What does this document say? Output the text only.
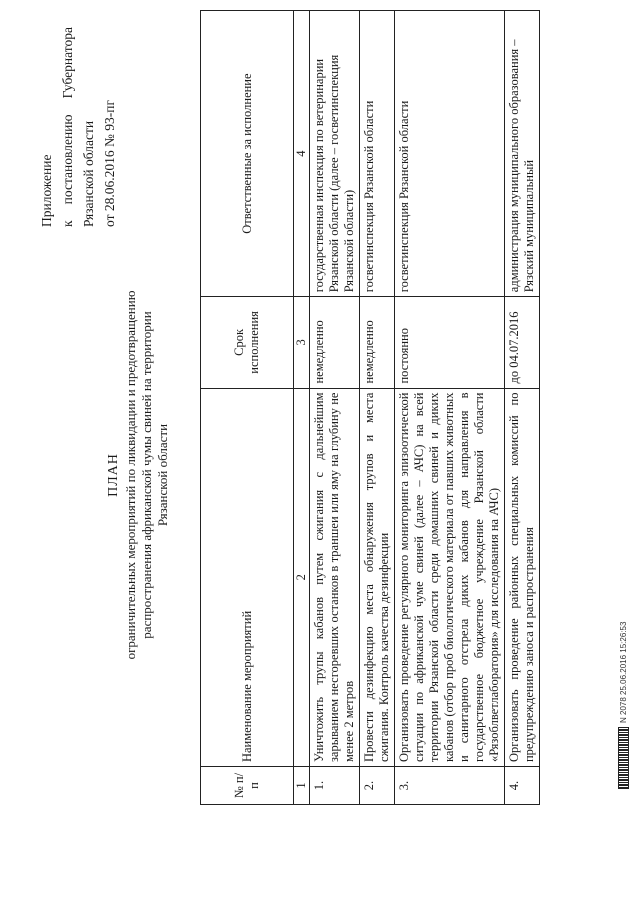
Приложение к
постановлению
Губернатора
Рязанской области от 28.06.2016 № 93-пг
ПЛАН ограничительных мероприятий по ликвидации и предотвращению распространения африканской чумы свиней на территории Рязанской области
№ п/п	Наименование мероприятий	Срок исполнения	Ответственные за исполнение
1	2	3	4
1.	Уничтожить трупы кабанов путем сжигания с дальнейшим зарыванием несгоревших останков в траншеи или яму на глубину не менее 2 метров	немедленно	государственная инспекция по ветеринарии Рязанской области (далее – госветинспекция Рязанской области)
2.	Провести дезинфекцию места обнаружения трупов и места сжигания. Контроль качества дезинфекции	немедленно	госветинспекция Рязанской области
3.	Организовать проведение регулярного мониторинга эпизоотической ситуации по африканской чуме свиней (далее – АЧС) на всей территории Рязанской области среди домашних свиней и диких кабанов (отбор проб биологического материала от павших животных и санитарного отстрела диких кабанов для направления в государственное бюджетное учреждение Рязанской области «Рязоблветлаборатория» для исследования на АЧС)	постоянно	госветинспекция Рязанской области
4.	Организовать проведение районных специальных комиссий по предупреждению заноса и распространения	до 04.07.2016	администрация муниципального образования – Рязский муниципальный
N 2078 25.06.2016 15:26:53
